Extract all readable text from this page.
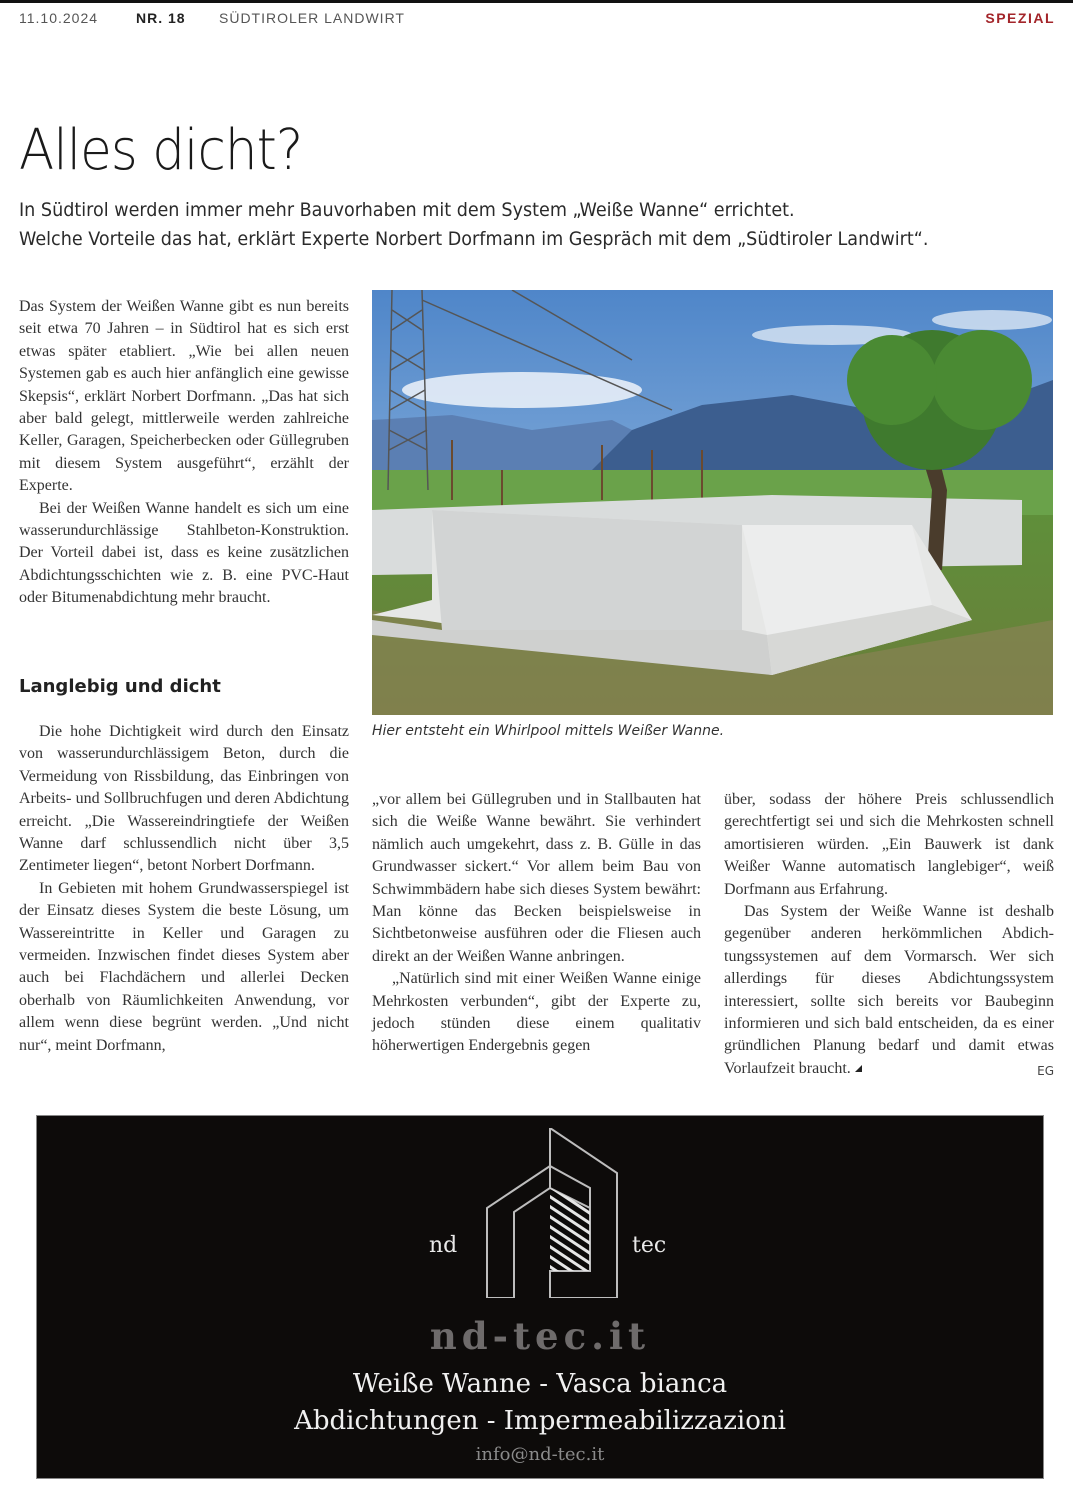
11.10.2024	NR. 18 SÜDTIROLER LANDWIRT	SPEZIAL
Alles dicht?
In Südtirol werden immer mehr Bauvorhaben mit dem System „Weiße Wanne“ errichtet.
Welche Vorteile das hat, erklärt Experte Norbert Dorfmann im Gespräch mit dem „Südtiroler Landwirt“.

Das System der Weißen Wanne gibt es nun bereits seit etwa 70 Jahren – in Südtirol hat es sich erst etwas später etabliert. „Wie bei allen neuen Systemen gab es auch hier anfänglich eine gewisse Skepsis“, erklärt Norbert Dorfmann. „Das hat sich aber bald gelegt, mittlerweile werden zahlreiche Keller, Garagen, Speicherbecken oder Güllegruben mit diesem System ausgeführt“, erzählt der Experte.

Bei der Weißen Wanne handelt es sich um eine wasserundurchlässige Stahlbeton-Konstruktion. Der Vorteil dabei ist, dass es keine zusätzlichen Abdichtungsschichten wie z. B. eine PVC-Haut oder Bitumenabdichtung mehr braucht.

Langlebig und dicht

Die hohe Dichtigkeit wird durch den Einsatz von wasserundurchlässigem Beton, durch die Vermeidung von Rissbildung, das Einbringen von Arbeits- und Sollbruchfugen und deren Abdichtung erreicht. „Die Wassereindringtiefe der Weißen Wanne darf schlussendlich nicht über 3,5 Zentimeter liegen“, betont Norbert Dorfmann.

In Gebieten mit hohem Grundwasserspiegel ist der Einsatz dieses System die beste Lösung, um Wassereintritte in Keller und Garagen zu vermeiden. Inzwischen findet dieses System aber auch bei Flachdächern und allerlei Decken oberhalb von Räumlichkeiten Anwendung, vor allem wenn diese begrünt werden. „Und nicht nur“, meint Dorfmann,

Hier entsteht ein Whirlpool mittels Weißer Wanne.

„vor allem bei Güllegruben und in Stallbauten hat sich die Weiße Wanne bewährt. Sie verhindert nämlich auch umgekehrt, dass z. B. Gülle in das Grundwasser sickert.“ Vor allem beim Bau von Schwimmbädern habe sich dieses System bewährt: Man könne das Becken beispielsweise in Sichtbetonweise ausführen oder die Fliesen auch direkt an der Weißen Wanne anbringen.

„Natürlich sind mit einer Weißen Wanne einige Mehrkosten verbunden“, gibt der Experte zu, jedoch stünden diese einem qualitativ höherwertigen Endergebnis gegen

über, sodass der höhere Preis schlussendlich gerechtfertigt sei und sich die Mehrkosten schnell amortisieren würden. „Ein Bauwerk ist dank Weißer Wanne automatisch langlebiger“, weiß Dorfmann aus Erfahrung.

Das System der Weiße Wanne ist deshalb gegenüber anderen herkömmlichen Abdichtungssystemen auf dem Vormarsch. Wer sich allerdings für dieses Abdichtungssystem interessiert, sollte sich bereits vor Baubeginn informieren und sich bald entscheiden, da es einer gründlichen Planung bedarf und damit etwas Vorlaufzeit braucht.	EG

nd	tec
nd-tec.it
Weiße Wanne - Vasca bianca
Abdichtungen - Impermeabilizzazioni
info@nd-tec.it
